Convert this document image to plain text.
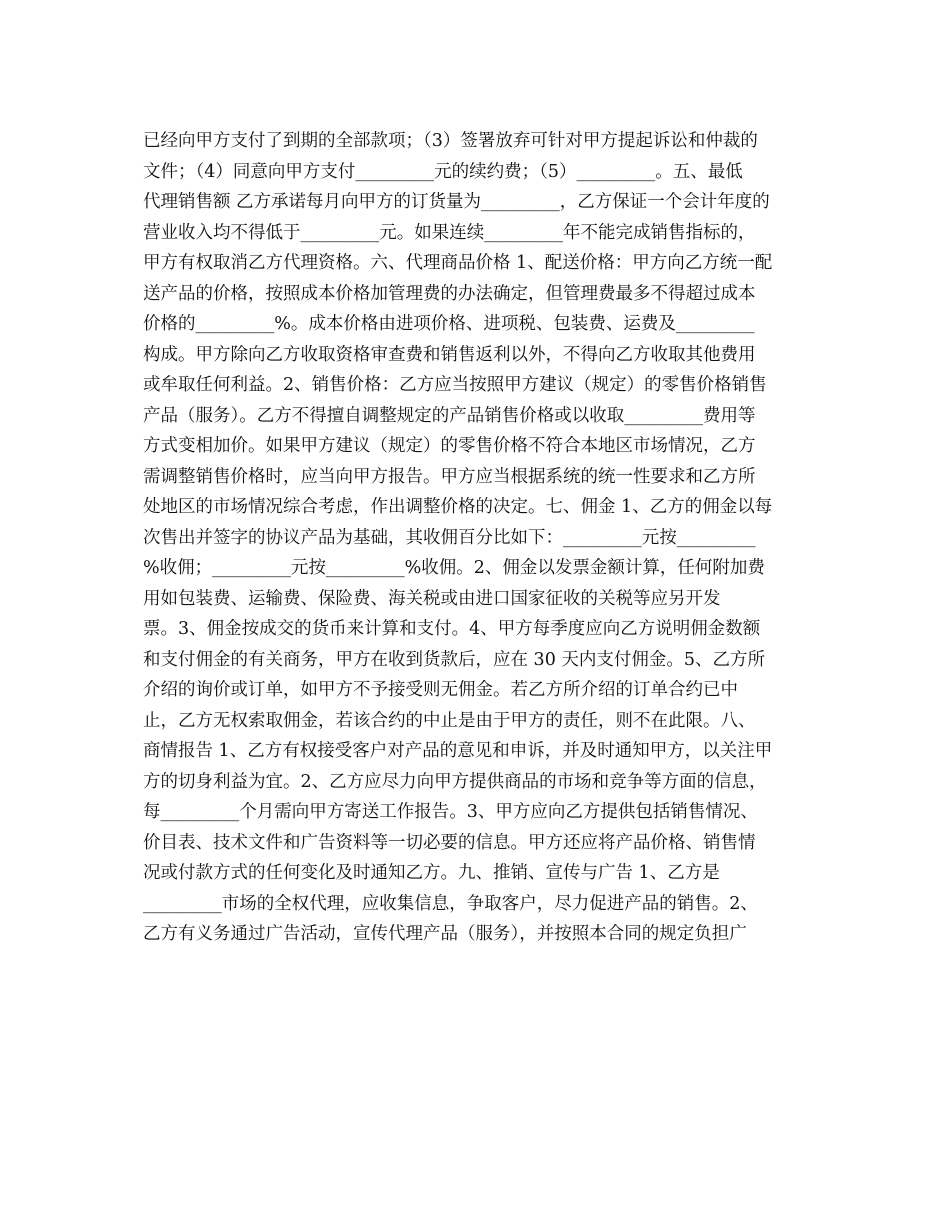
已经向甲方支付了到期的全部款项；（3）签署放弃可针对甲方提起诉讼和仲裁的
文件；（4）同意向甲方支付_________元的续约费；（5）_________。五、最低
代理销售额 乙方承诺每月向甲方的订货量为_________，乙方保证一个会计年度的
营业收入均不得低于_________元。如果连续_________年不能完成销售指标的，
甲方有权取消乙方代理资格。六、代理商品价格 1、配送价格：甲方向乙方统一配
送产品的价格，按照成本价格加管理费的办法确定，但管理费最多不得超过成本
价格的_________%。成本价格由进项价格、进项税、包装费、运费及_________
构成。甲方除向乙方收取资格审查费和销售返利以外，不得向乙方收取其他费用
或牟取任何利益。2、销售价格：乙方应当按照甲方建议（规定）的零售价格销售
产品（服务）。乙方不得擅自调整规定的产品销售价格或以收取_________费用等
方式变相加价。如果甲方建议（规定）的零售价格不符合本地区市场情况，乙方
需调整销售价格时，应当向甲方报告。甲方应当根据系统的统一性要求和乙方所
处地区的市场情况综合考虑，作出调整价格的决定。七、佣金 1、乙方的佣金以每
次售出并签字的协议产品为基础，其收佣百分比如下：_________元按_________
%收佣；_________元按_________%收佣。2、佣金以发票金额计算，任何附加费
用如包装费、运输费、保险费、海关税或由进口国家征收的关税等应另开发
票。3、佣金按成交的货币来计算和支付。4、甲方每季度应向乙方说明佣金数额
和支付佣金的有关商务，甲方在收到货款后，应在 30 天内支付佣金。5、乙方所
介绍的询价或订单，如甲方不予接受则无佣金。若乙方所介绍的订单合约已中
止，乙方无权索取佣金，若该合约的中止是由于甲方的责任，则不在此限。八、
商情报告 1、乙方有权接受客户对产品的意见和申诉，并及时通知甲方，以关注甲
方的切身利益为宜。2、乙方应尽力向甲方提供商品的市场和竞争等方面的信息，
每_________个月需向甲方寄送工作报告。3、甲方应向乙方提供包括销售情况、
价目表、技术文件和广告资料等一切必要的信息。甲方还应将产品价格、销售情
况或付款方式的任何变化及时通知乙方。九、推销、宣传与广告 1、乙方是
_________市场的全权代理，应收集信息，争取客户，尽力促进产品的销售。2、
乙方有义务通过广告活动，宣传代理产品（服务），并按照本合同的规定负担广
